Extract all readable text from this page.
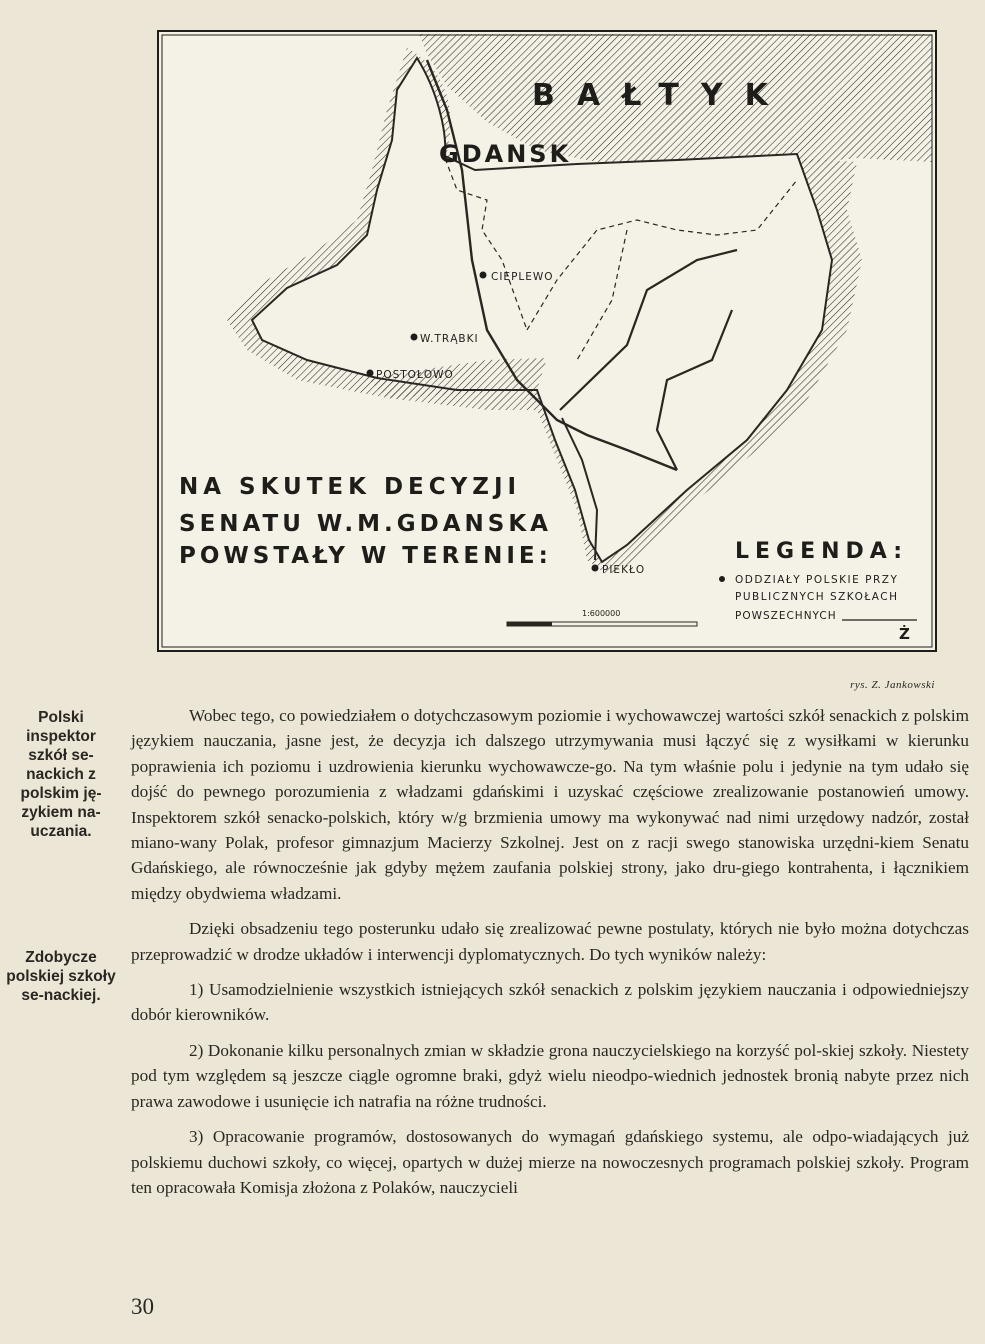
BAŁTYK
GDANSK
CIEPLEWO
W.TRĄBKI
POSTOŁOWO
PIEKŁO
NA SKUTEK DECYZJI
SENATU W.M.GDANSKA
POWSTAŁY W TERENIE:	LEGENDA:
ODDZIAŁY POLSKIE PRZY
PUBLICZNYCH SZKOŁACH
POWSZECHNYCH
1:600000
Ż
rys. Z. Jankowski
Polski inspektor szkół se-nackich z polskim ję-zykiem na-uczania.
Zdobycze polskiej szkoły se-nackiej.

Wobec tego, co powiedziałem o dotychczasowym poziomie i wychowawczej wartości szkół senackich z polskim językiem nauczania, jasne jest, że decyzja ich dalszego utrzymywania musi łączyć się z wysiłkami w kierunku poprawienia ich poziomu i uzdrowienia kierunku wychowawcze-go. Na tym właśnie polu i jedynie na tym udało się dojść do pewnego porozumienia z władzami gdańskimi i uzyskać częściowe zrealizowanie postanowień umowy. Inspektorem szkół senacko-polskich, który w/g brzmienia umowy ma wykonywać nad nimi urzędowy nadzór, został miano-wany Polak, profesor gimnazjum Macierzy Szkolnej. Jest on z racji swego stanowiska urzędni-kiem Senatu Gdańskiego, ale równocześnie jak gdyby mężem zaufania polskiej strony, jako dru-giego kontrahenta, i łącznikiem między obydwiema władzami.

Dzięki obsadzeniu tego posterunku udało się zrealizować pewne postulaty, których nie było można dotychczas przeprowadzić w drodze układów i interwencji dyplomatycznych. Do tych wyników należy:

1) Usamodzielnienie wszystkich istniejących szkół senackich z polskim językiem nauczania i odpowiedniejszy dobór kierowników.

2) Dokonanie kilku personalnych zmian w składzie grona nauczycielskiego na korzyść pol-skiej szkoły. Niestety pod tym względem są jeszcze ciągle ogromne braki, gdyż wielu nieodpo-wiednich jednostek bronią nabyte przez nich prawa zawodowe i usunięcie ich natrafia na różne trudności.

3) Opracowanie programów, dostosowanych do wymagań gdańskiego systemu, ale odpo-wiadających już polskiemu duchowi szkoły, co więcej, opartych w dużej mierze na nowoczesnych programach polskiej szkoły. Program ten opracowała Komisja złożona z Polaków, nauczycieli

30
